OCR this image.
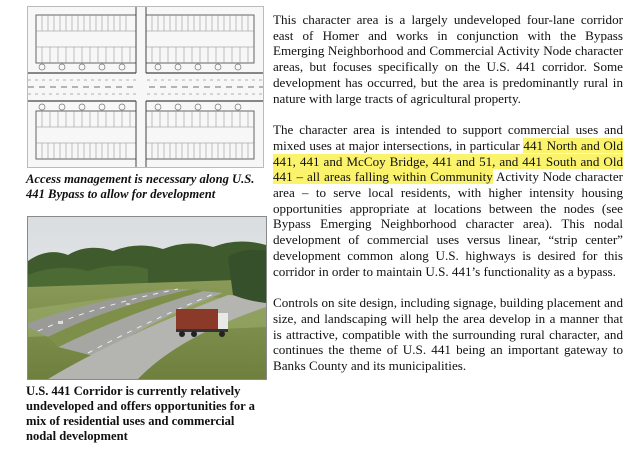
Access management is necessary along U.S. 441 Bypass to allow for development

U.S. 441 Corridor is currently relatively undeveloped and offers opportunities for a mix of residential uses and commercial nodal development

This character area is a largely undeveloped four-lane corridor east of Homer and works in conjunction with the Bypass Emerging Neighborhood and Commercial Activity Node character areas, but focuses specifically on the U.S. 441 corridor. Some development has occurred, but the area is predominantly rural in nature with large tracts of agricultural property.

The character area is intended to support commercial uses and mixed uses at major intersections, in particular 441 North and Old 441, 441 and McCoy Bridge, 441 and 51, and 441 South and Old 441 – all areas falling within Community Activity Node character area – to serve local residents, with higher intensity housing opportunities appropriate at locations between the nodes (see Bypass Emerging Neighborhood character area). This nodal development of commercial uses versus linear, “strip center” development common along U.S. highways is desired for this corridor in order to maintain U.S. 441’s functionality as a bypass.

Controls on site design, including signage, building placement and size, and landscaping will help the area develop in a manner that is attractive, compatible with the surrounding rural character, and continues the theme of U.S. 441 being an important gateway to Banks County and its municipalities.
